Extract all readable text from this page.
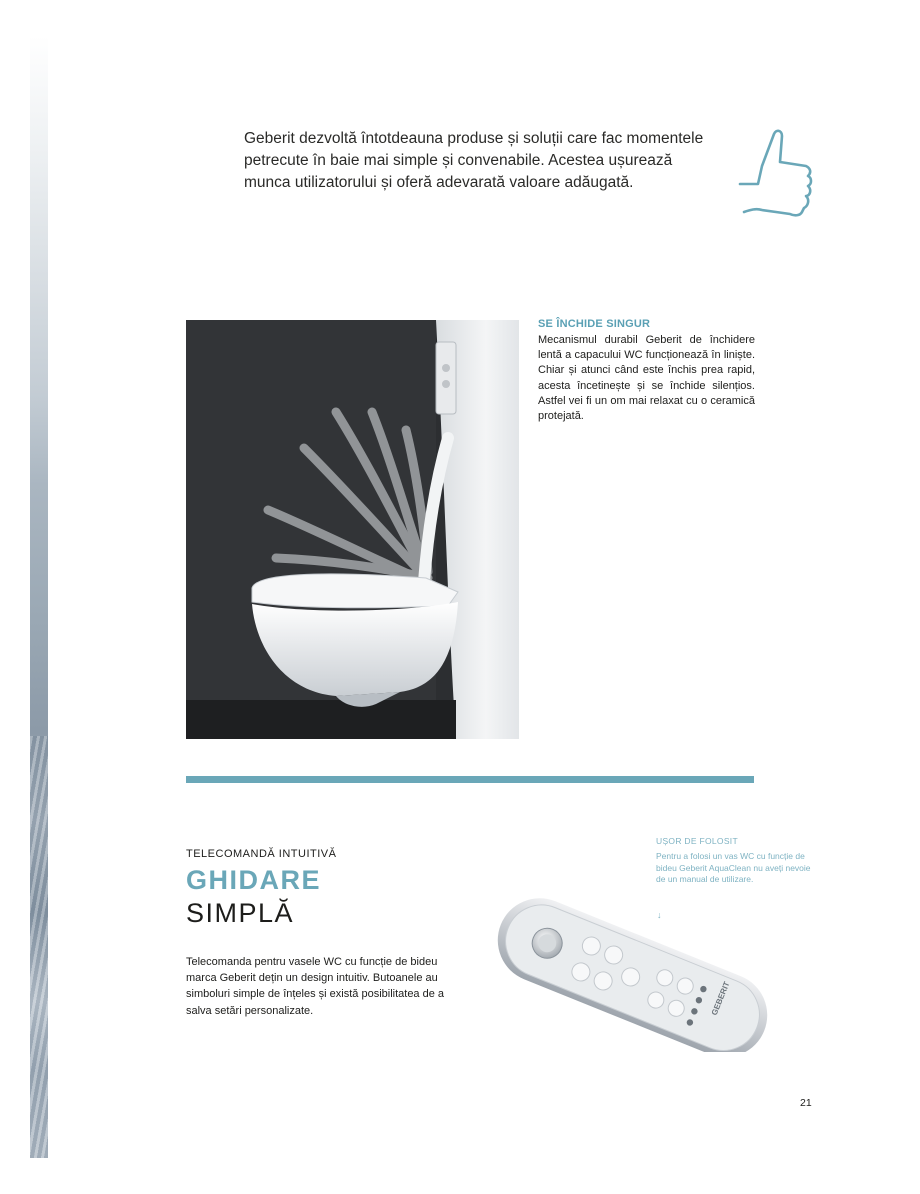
Geberit dezvoltă întotdeauna produse și soluții care fac momentele petrecute în baie mai simple și convenabile. Acestea ușurează munca utilizatorului și oferă adevarată valoare adăugată.

SE ÎNCHIDE SINGUR

Mecanismul durabil Geberit de închidere lentă a capacului WC funcționează în liniște. Chiar și atunci când este închis prea rapid, acesta încetinește și se închide silențios. Astfel vei fi un om mai relaxat cu o ceramică protejată.

TELECOMANDĂ INTUITIVĂ

GHIDARE

SIMPLĂ

Telecomanda pentru vasele WC cu funcție de bideu marca Geberit dețin un design intuitiv. Butoanele au simboluri simple de înțeles și există posibilitatea de a salva setări personalizate.

UȘOR DE FOLOSIT

Pentru a folosi un vas WC cu funcție de bideu Geberit AquaClean nu aveți nevoie de un manual de utilizare.

↓

GEBERIT

21
